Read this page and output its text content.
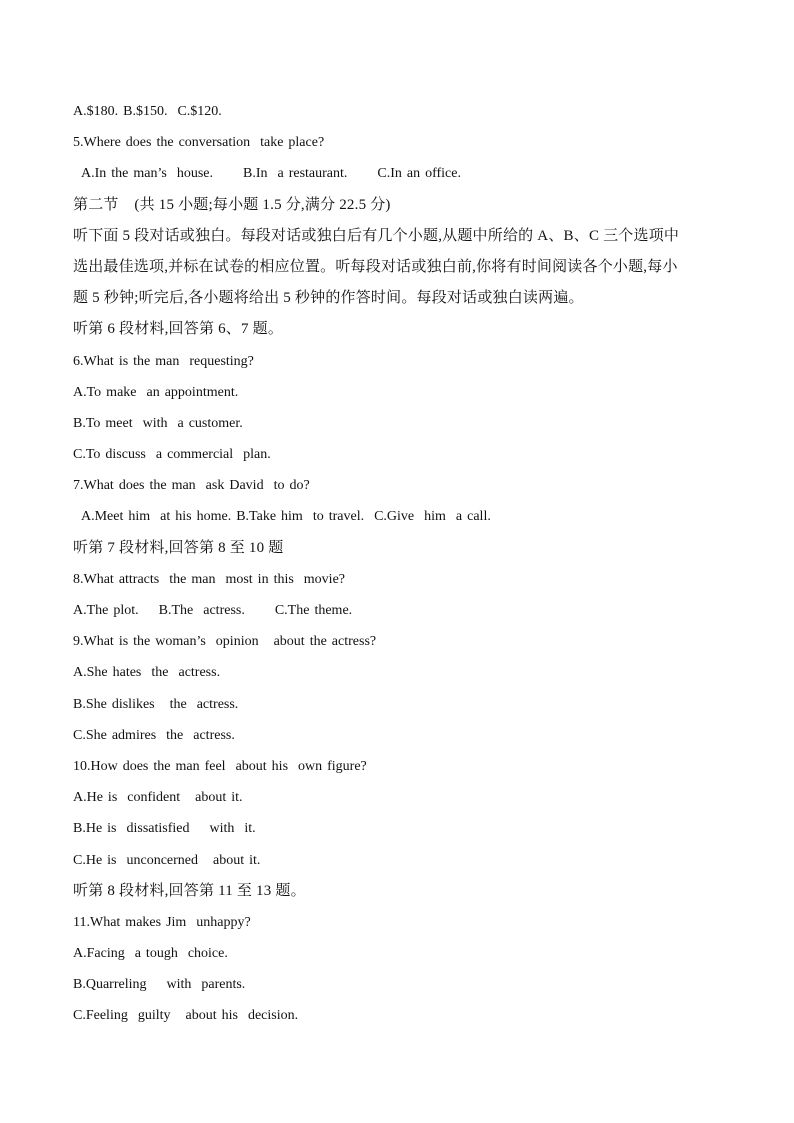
A.$180. B.$150.  C.$120.
5.Where does the conversation  take place?
A.In the man’s  house.      B.In  a restaurant.      C.In an office.
第二节    (共 15 小题;每小题 1.5 分,满分 22.5 分)
听下面 5 段对话或独白。每段对话或独白后有几个小题,从题中所给的 A、B、C 三个选项中
选出最佳选项,并标在试卷的相应位置。听每段对话或独白前,你将有时间阅读各个小题,每小
题 5 秒钟;听完后,各小题将给出 5 秒钟的作答时间。每段对话或独白读两遍。
听第 6 段材料,回答第 6、7 题。
6.What is the man  requesting?
A.To make  an appointment.
B.To meet  with  a customer.
C.To discuss  a commercial  plan.
7.What does the man  ask David  to do?
A.Meet him  at his home. B.Take him  to travel.  C.Give  him  a call.
听第 7 段材料,回答第 8 至 10 题
8.What attracts  the man  most in this  movie?
A.The plot.    B.The  actress.      C.The theme.
9.What is the woman’s  opinion   about the actress?
A.She hates  the  actress.
B.She dislikes   the  actress.
C.She admires  the  actress.
10.How does the man feel  about his  own figure?
A.He is  confident   about it.
B.He is  dissatisfied    with  it.
C.He is  unconcerned   about it.
听第 8 段材料,回答第 11 至 13 题。
11.What makes Jim  unhappy?
A.Facing  a tough  choice.
B.Quarreling    with  parents.
C.Feeling  guilty   about his  decision.
